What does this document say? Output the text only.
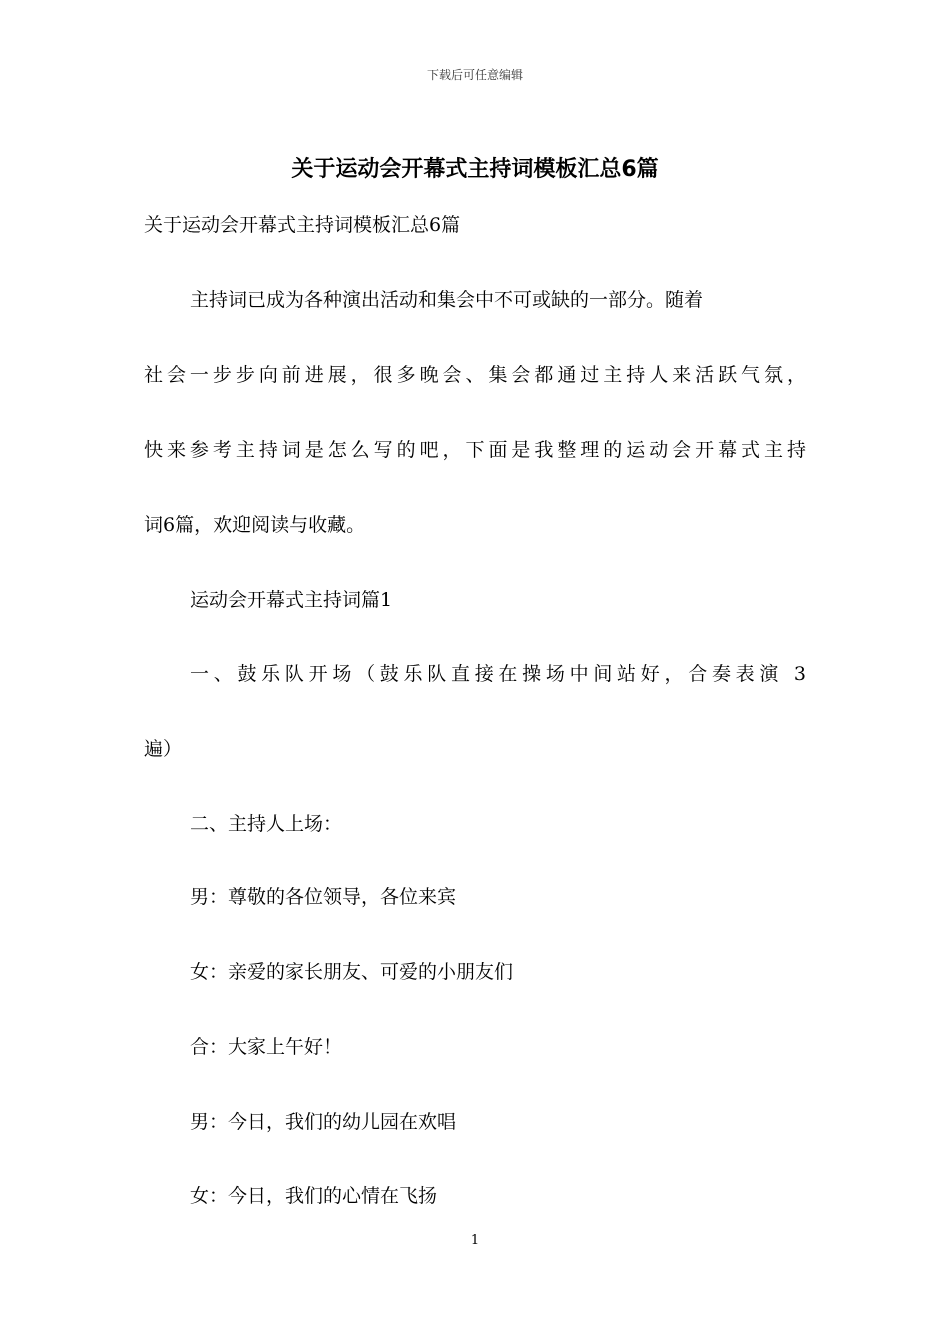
下载后可任意编辑
关于运动会开幕式主持词模板汇总6篇
关于运动会开幕式主持词模板汇总6篇
主持词已成为各种演出活动和集会中不可或缺的一部分。随着
社会一步步向前进展，很多晚会、集会都通过主持人来活跃气氛，
快来参考主持词是怎么写的吧，下面是我整理的运动会开幕式主持
词6篇，欢迎阅读与收藏。
运动会开幕式主持词篇1
一、鼓乐队开场（鼓乐队直接在操场中间站好，合奏表演 3
遍）
二、主持人上场：
男：尊敬的各位领导，各位来宾
女：亲爱的家长朋友、可爱的小朋友们
合：大家上午好！
男：今日，我们的幼儿园在欢唱
女：今日，我们的心情在飞扬
1
